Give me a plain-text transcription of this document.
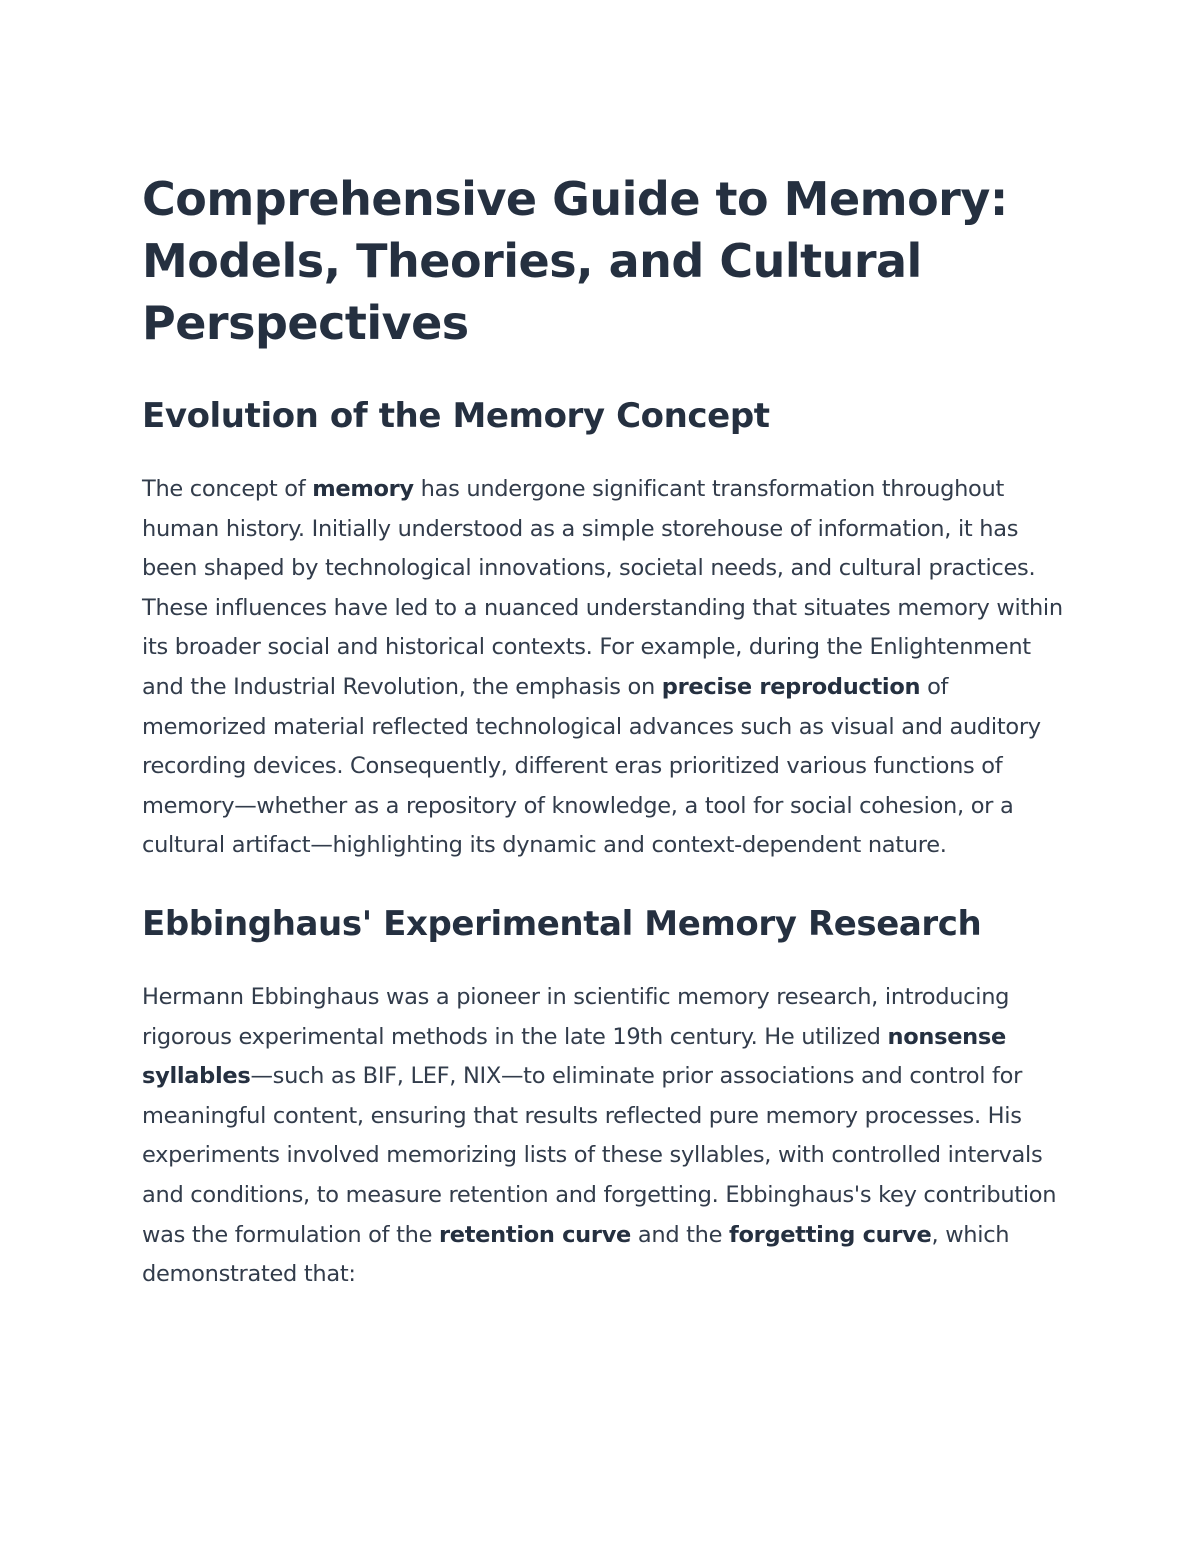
Comprehensive Guide to Memory: Models, Theories, and Cultural Perspectives
Evolution of the Memory Concept

The concept of memory has undergone significant transformation throughout human history. Initially understood as a simple storehouse of information, it has been shaped by technological innovations, societal needs, and cultural practices. These influences have led to a nuanced understanding that situates memory within its broader social and historical contexts. For example, during the Enlightenment and the Industrial Revolution, the emphasis on precise reproduction of memorized material reflected technological advances such as visual and auditory recording devices. Consequently, different eras prioritized various functions of memory—whether as a repository of knowledge, a tool for social cohesion, or a cultural artifact—highlighting its dynamic and context-dependent nature.

Ebbinghaus' Experimental Memory Research

Hermann Ebbinghaus was a pioneer in scientific memory research, introducing rigorous experimental methods in the late 19th century. He utilized nonsense syllables—such as BIF, LEF, NIX—to eliminate prior associations and control for meaningful content, ensuring that results reflected pure memory processes. His experiments involved memorizing lists of these syllables, with controlled intervals and conditions, to measure retention and forgetting. Ebbinghaus's key contribution was the formulation of the retention curve and the forgetting curve, which demonstrated that:
